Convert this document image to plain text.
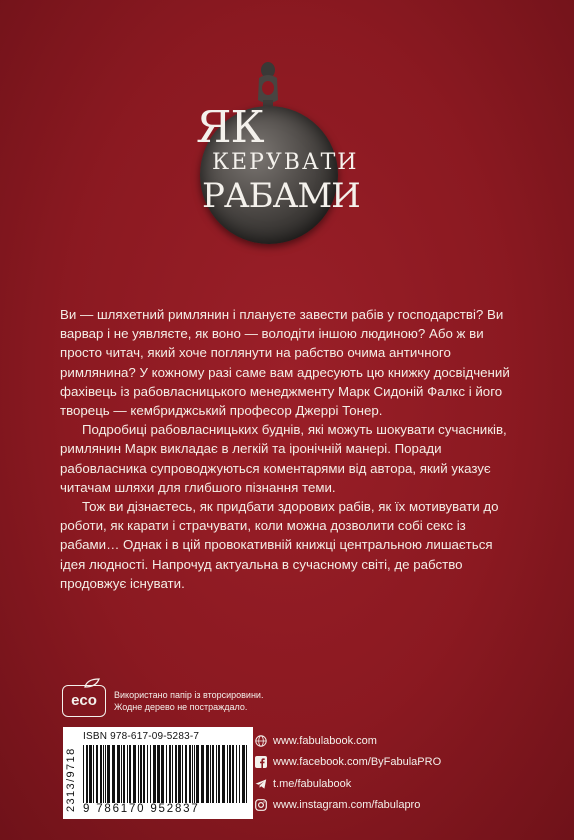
ЯК
КЕРУВАТИ
РАБАМИ

Ви — шляхетний римлянин і плануєте завести рабів у господарстві? Ви варвар і не уявляєте, як воно — володіти іншою людиною? Або ж ви просто читач, який хоче поглянути на рабство очима античного римлянина? У кожному разі саме вам адресують цю книжку досвідчений фахівець із рабовласницького менеджменту Марк Сидоній Фалкс і його творець — кембриджський професор Джеррі Тонер.

Подробиці рабовласницьких буднів, які можуть шокувати сучасників, римлянин Марк викладає в легкій та іронічній манері. Поради рабовласника супроводжуються коментарями від автора, який указує читачам шляхи для глибшого пізнання теми.

Тож ви дізнаєтесь, як придбати здорових рабів, як їх мотивувати до роботи, як карати і страчувати, коли можна дозволити собі секс із рабами… Однак і в цій провокативній книжці центральною лишається ідея людності. Напрочуд актуальна в сучасному світі, де рабство продовжує існувати.

eco	Використано папір із вторсировини.
Жодне дерево не постраждало.
ISBN 978-617-09-5283-7
9 786170 952837
2313/9718
www.fabulabook.com
www.facebook.com/ByFabulaPRO
t.me/fabulabook
www.instagram.com/fabulapro
